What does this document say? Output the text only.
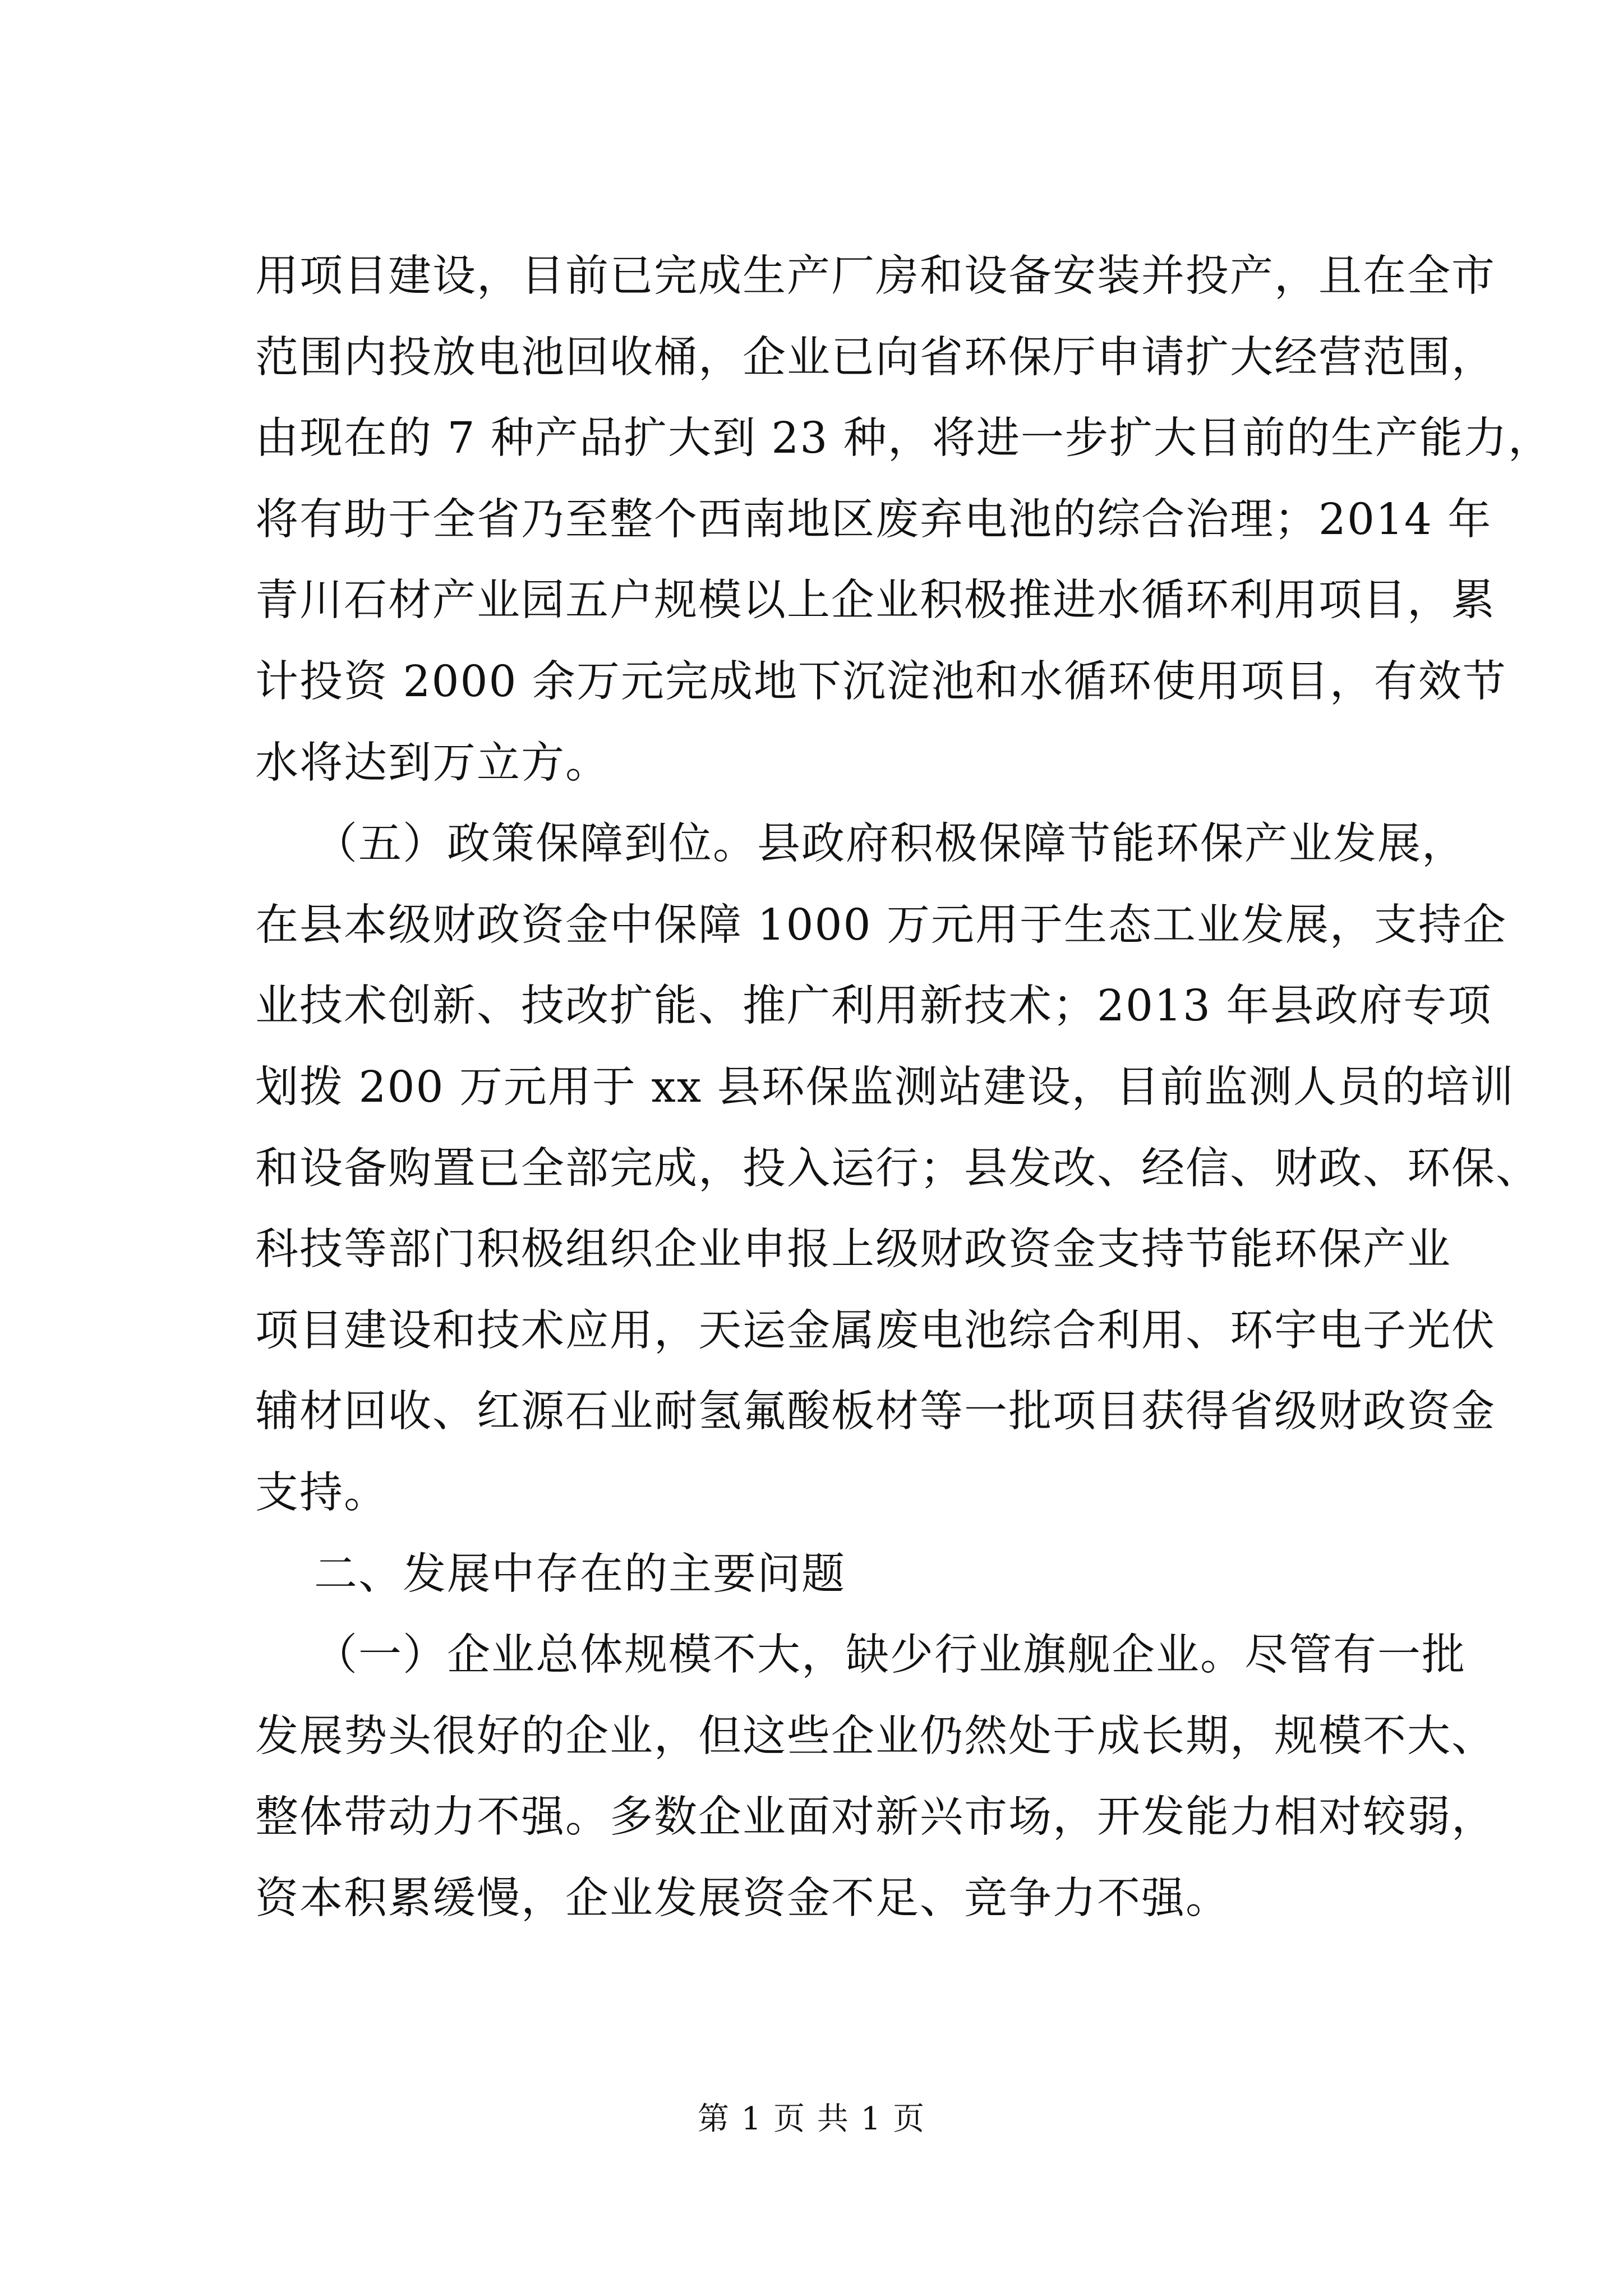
用项目建设，目前已完成生产厂房和设备安装并投产，且在全市
范围内投放电池回收桶，企业已向省环保厅申请扩大经营范围，
由现在的 7 种产品扩大到 23 种，将进一步扩大目前的生产能力，
将有助于全省乃至整个西南地区废弃电池的综合治理；2014 年
青川石材产业园五户规模以上企业积极推进水循环利用项目，累
计投资 2000 余万元完成地下沉淀池和水循环使用项目，有效节
水将达到万立方。
（五）政策保障到位。县政府积极保障节能环保产业发展，
在县本级财政资金中保障 1000 万元用于生态工业发展，支持企
业技术创新、技改扩能、推广利用新技术；2013 年县政府专项
划拨 200 万元用于 xx 县环保监测站建设，目前监测人员的培训
和设备购置已全部完成，投入运行；县发改、经信、财政、环保、
科技等部门积极组织企业申报上级财政资金支持节能环保产业
项目建设和技术应用，天运金属废电池综合利用、环宇电子光伏
辅材回收、红源石业耐氢氟酸板材等一批项目获得省级财政资金
支持。
二、发展中存在的主要问题
（一）企业总体规模不大，缺少行业旗舰企业。尽管有一批
发展势头很好的企业，但这些企业仍然处于成长期，规模不大、
整体带动力不强。多数企业面对新兴市场，开发能力相对较弱，
资本积累缓慢，企业发展资金不足、竞争力不强。
第 1 页 共 1 页
